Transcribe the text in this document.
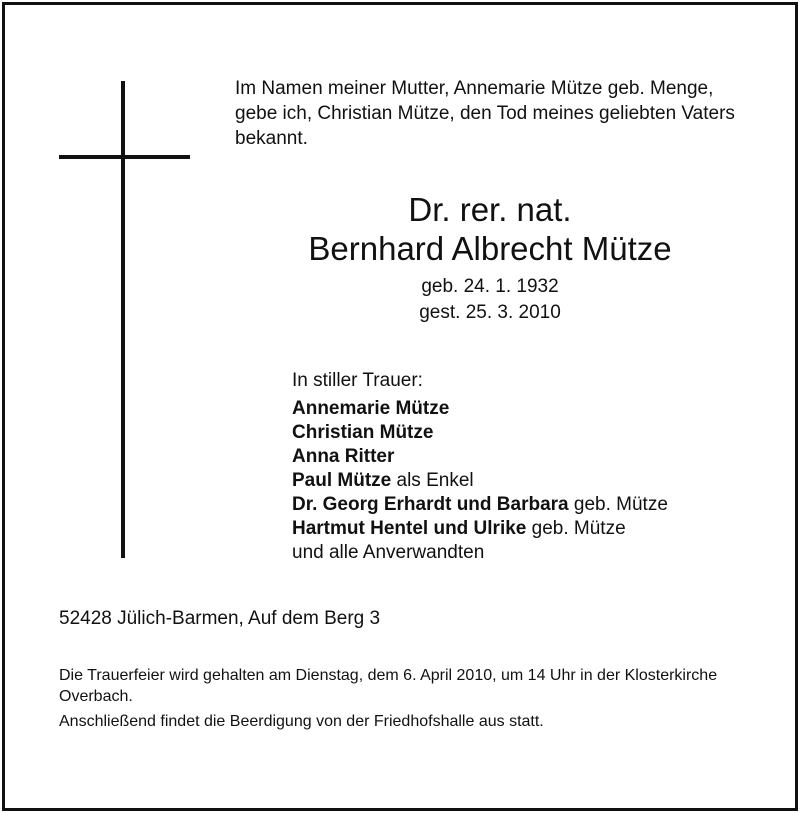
Im Namen meiner Mutter, Annemarie Mütze geb. Menge, gebe ich, Christian Mütze, den Tod meines geliebten Vaters bekannt.

Dr. rer. nat.

Bernhard Albrecht Mütze

geb. 24. 1. 1932

gest. 25. 3. 2010

In stiller Trauer:
Annemarie Mütze
Christian Mütze
Anna Ritter
Paul Mütze als Enkel
Dr. Georg Erhardt und Barbara geb. Mütze
Hartmut Hentel und Ulrike geb. Mütze
und alle Anverwandten

52428 Jülich-Barmen, Auf dem Berg 3

Die Trauerfeier wird gehalten am Dienstag, dem 6. April 2010, um 14 Uhr in der Klosterkirche Overbach.

Anschließend findet die Beerdigung von der Friedhofshalle aus statt.
